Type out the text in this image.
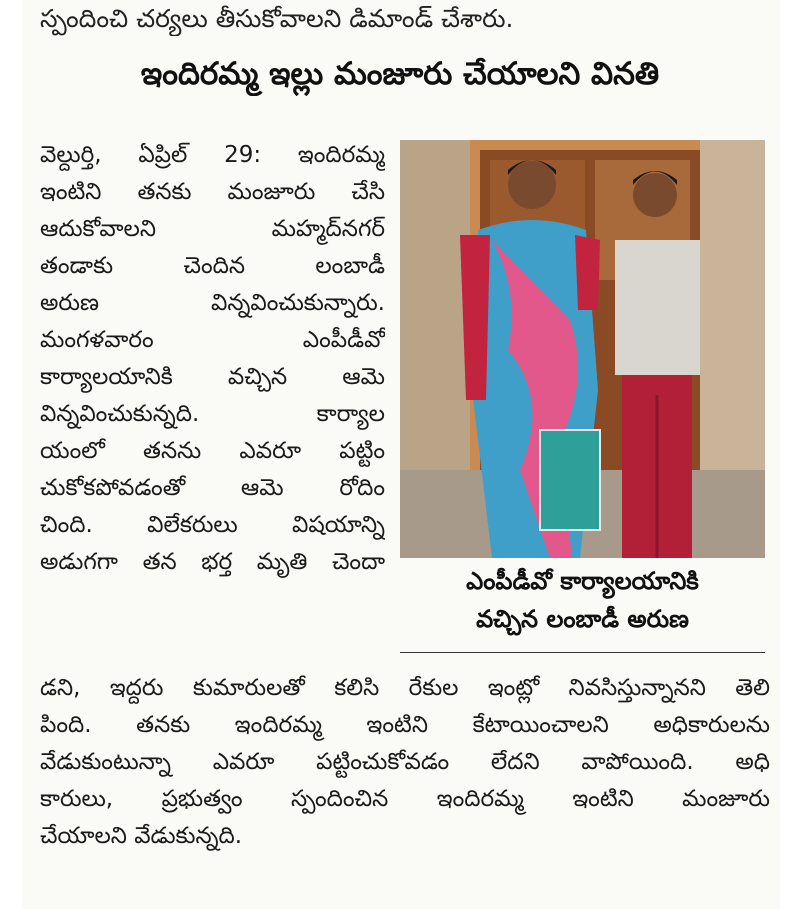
స్పందించి చర్యలు తీసుకోవాలని డిమాండ్ చేశారు.
ఇందిరమ్మ ఇల్లు మంజూరు చేయాలని వినతి
వెల్దుర్తి, ఏప్రిల్ 29: ఇందిరమ్మ
ఇంటిని తనకు మంజూరు చేసి
ఆదుకోవాలని మహ్మద్‌నగర్
తండాకు చెందిన లంబాడీ
అరుణ విన్నవించుకున్నారు.
మంగళవారం ఎంపీడీవో
కార్యాలయానికి వచ్చిన ఆమె
విన్నవించుకున్నది. కార్యాల
యంలో తనను ఎవరూ పట్టిం
చుకోకపోవడంతో ఆమె రోదిం
చింది. విలేకరులు విషయాన్ని
అడుగగా తన భర్త మృతి చెందా
ఎంపీడీవో కార్యాలయానికి
వచ్చిన లంబాడీ అరుణ
డని, ఇద్దరు కుమారులతో కలిసి రేకుల ఇంట్లో నివసిస్తున్నానని తెలి
పింది. తనకు ఇందిరమ్మ ఇంటిని కేటాయించాలని అధికారులను
వేడుకుంటున్నా ఎవరూ పట్టించుకోవడం లేదని వాపోయింది. అధి
కారులు, ప్రభుత్వం స్పందించిన ఇందిరమ్మ ఇంటిని మంజూరు
చేయాలని వేడుకున్నది.
